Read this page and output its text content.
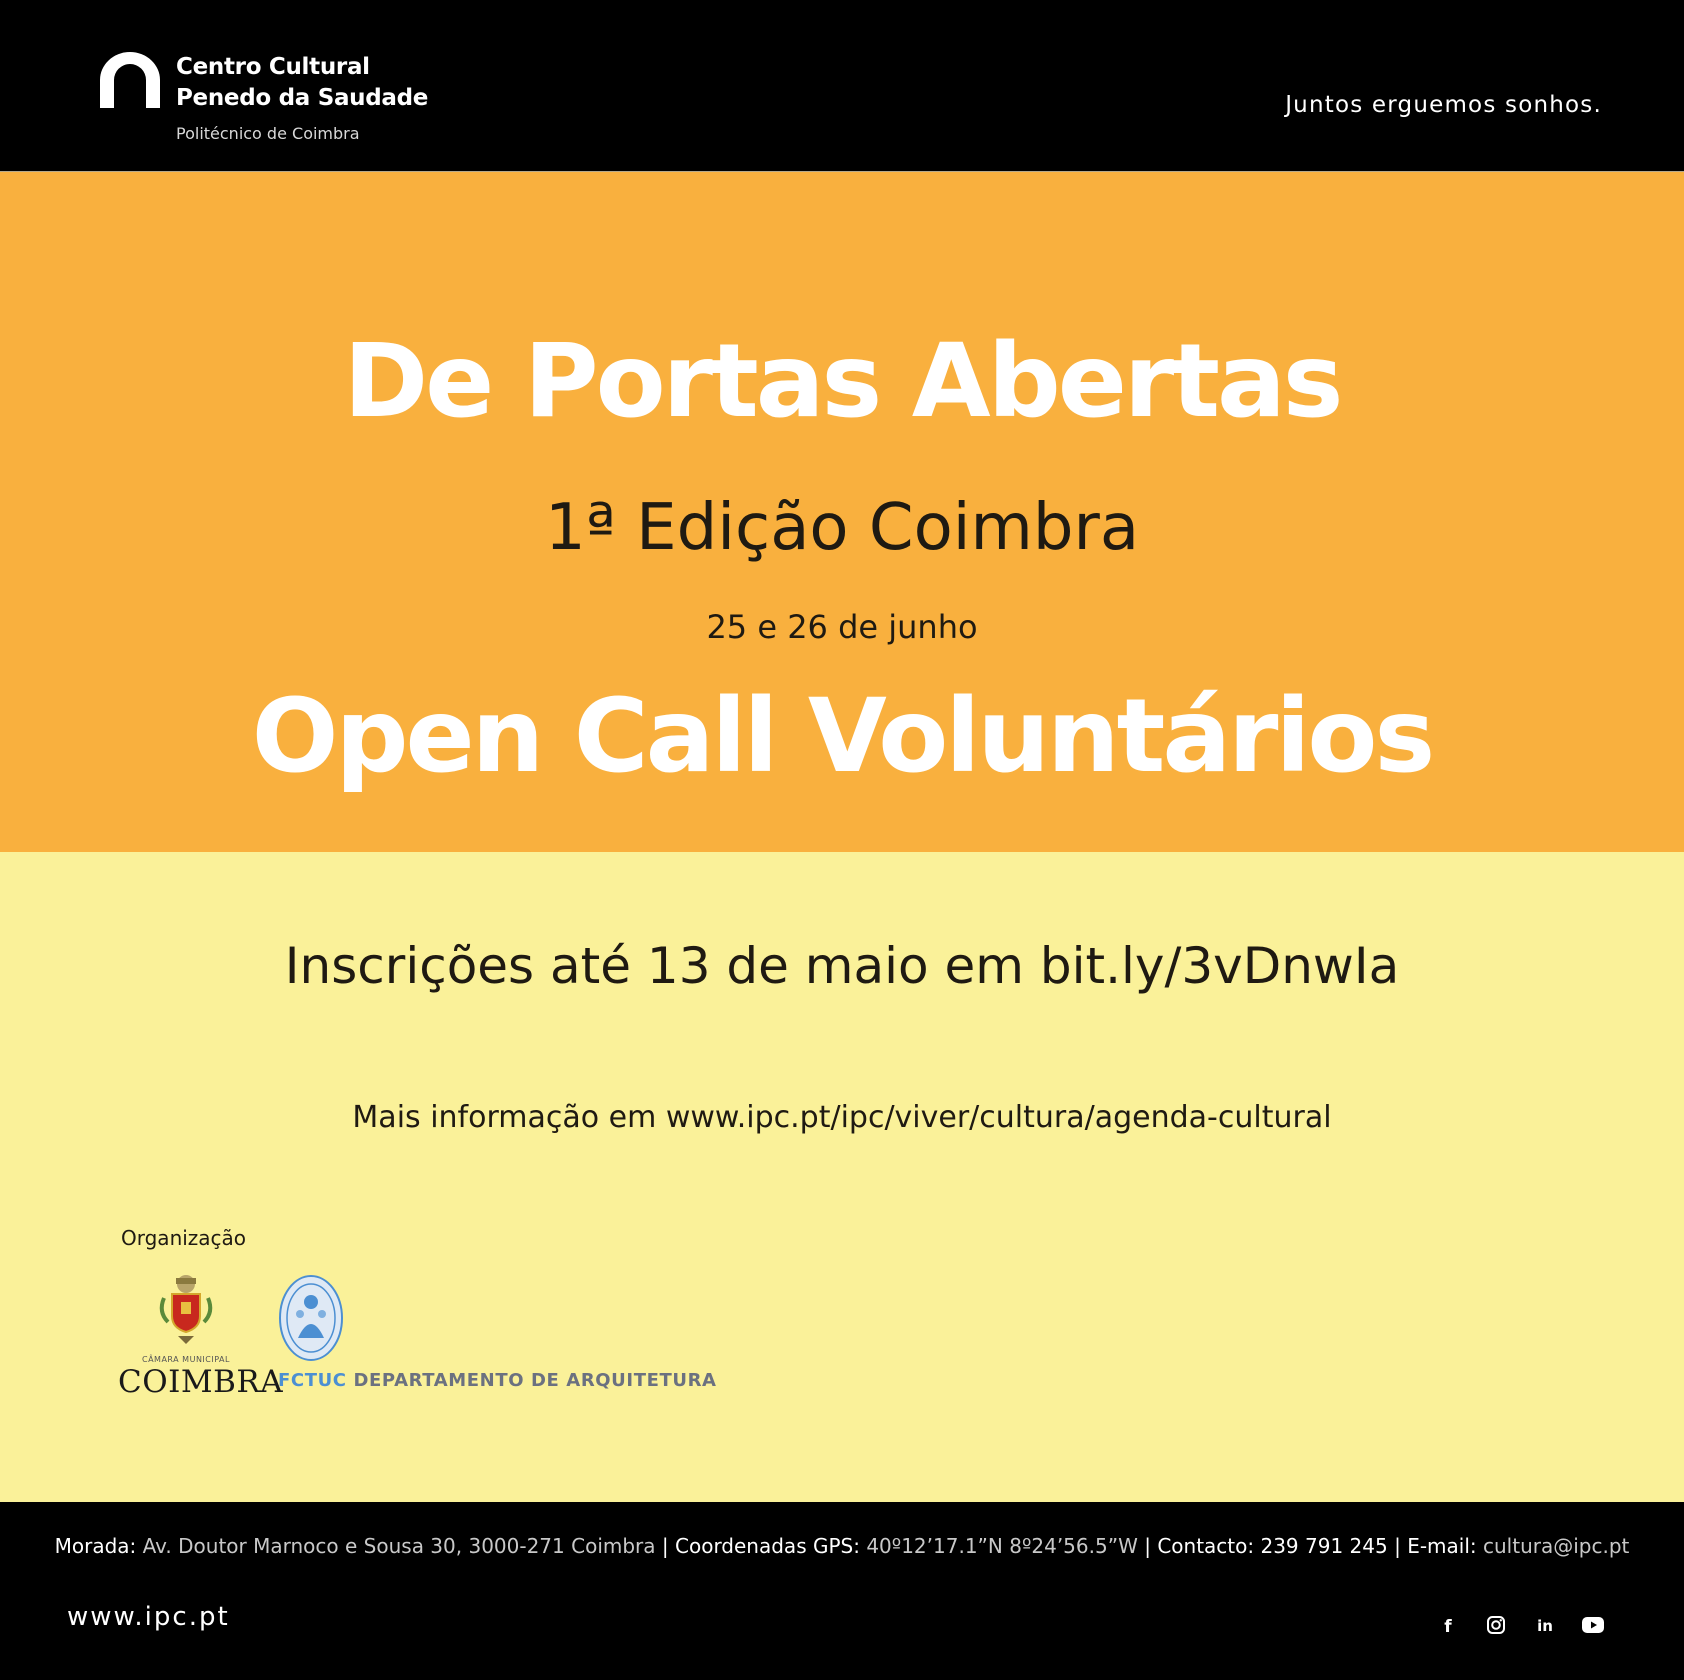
Centro Cultural
Penedo da Saudade
Politécnico de Coimbra
Juntos erguemos sonhos.
De Portas Abertas
1ª Edição Coimbra
25 e 26 de junho
Open Call Voluntários
Inscrições até 13 de maio em bit.ly/3vDnwIa
Mais informação em www.ipc.pt/ipc/viver/cultura/agenda-cultural
Organização
CÂMARA MUNICIPAL
COIMBRA
FCTUC DEPARTAMENTO DE ARQUITETURA
Morada: Av. Doutor Marnoco e Sousa 30, 3000-271 Coimbra | Coordenadas GPS: 40º12’17.1”N 8º24’56.5”W | Contacto: 239 791 245 | E-mail: cultura@ipc.pt
www.ipc.pt	f

	in
